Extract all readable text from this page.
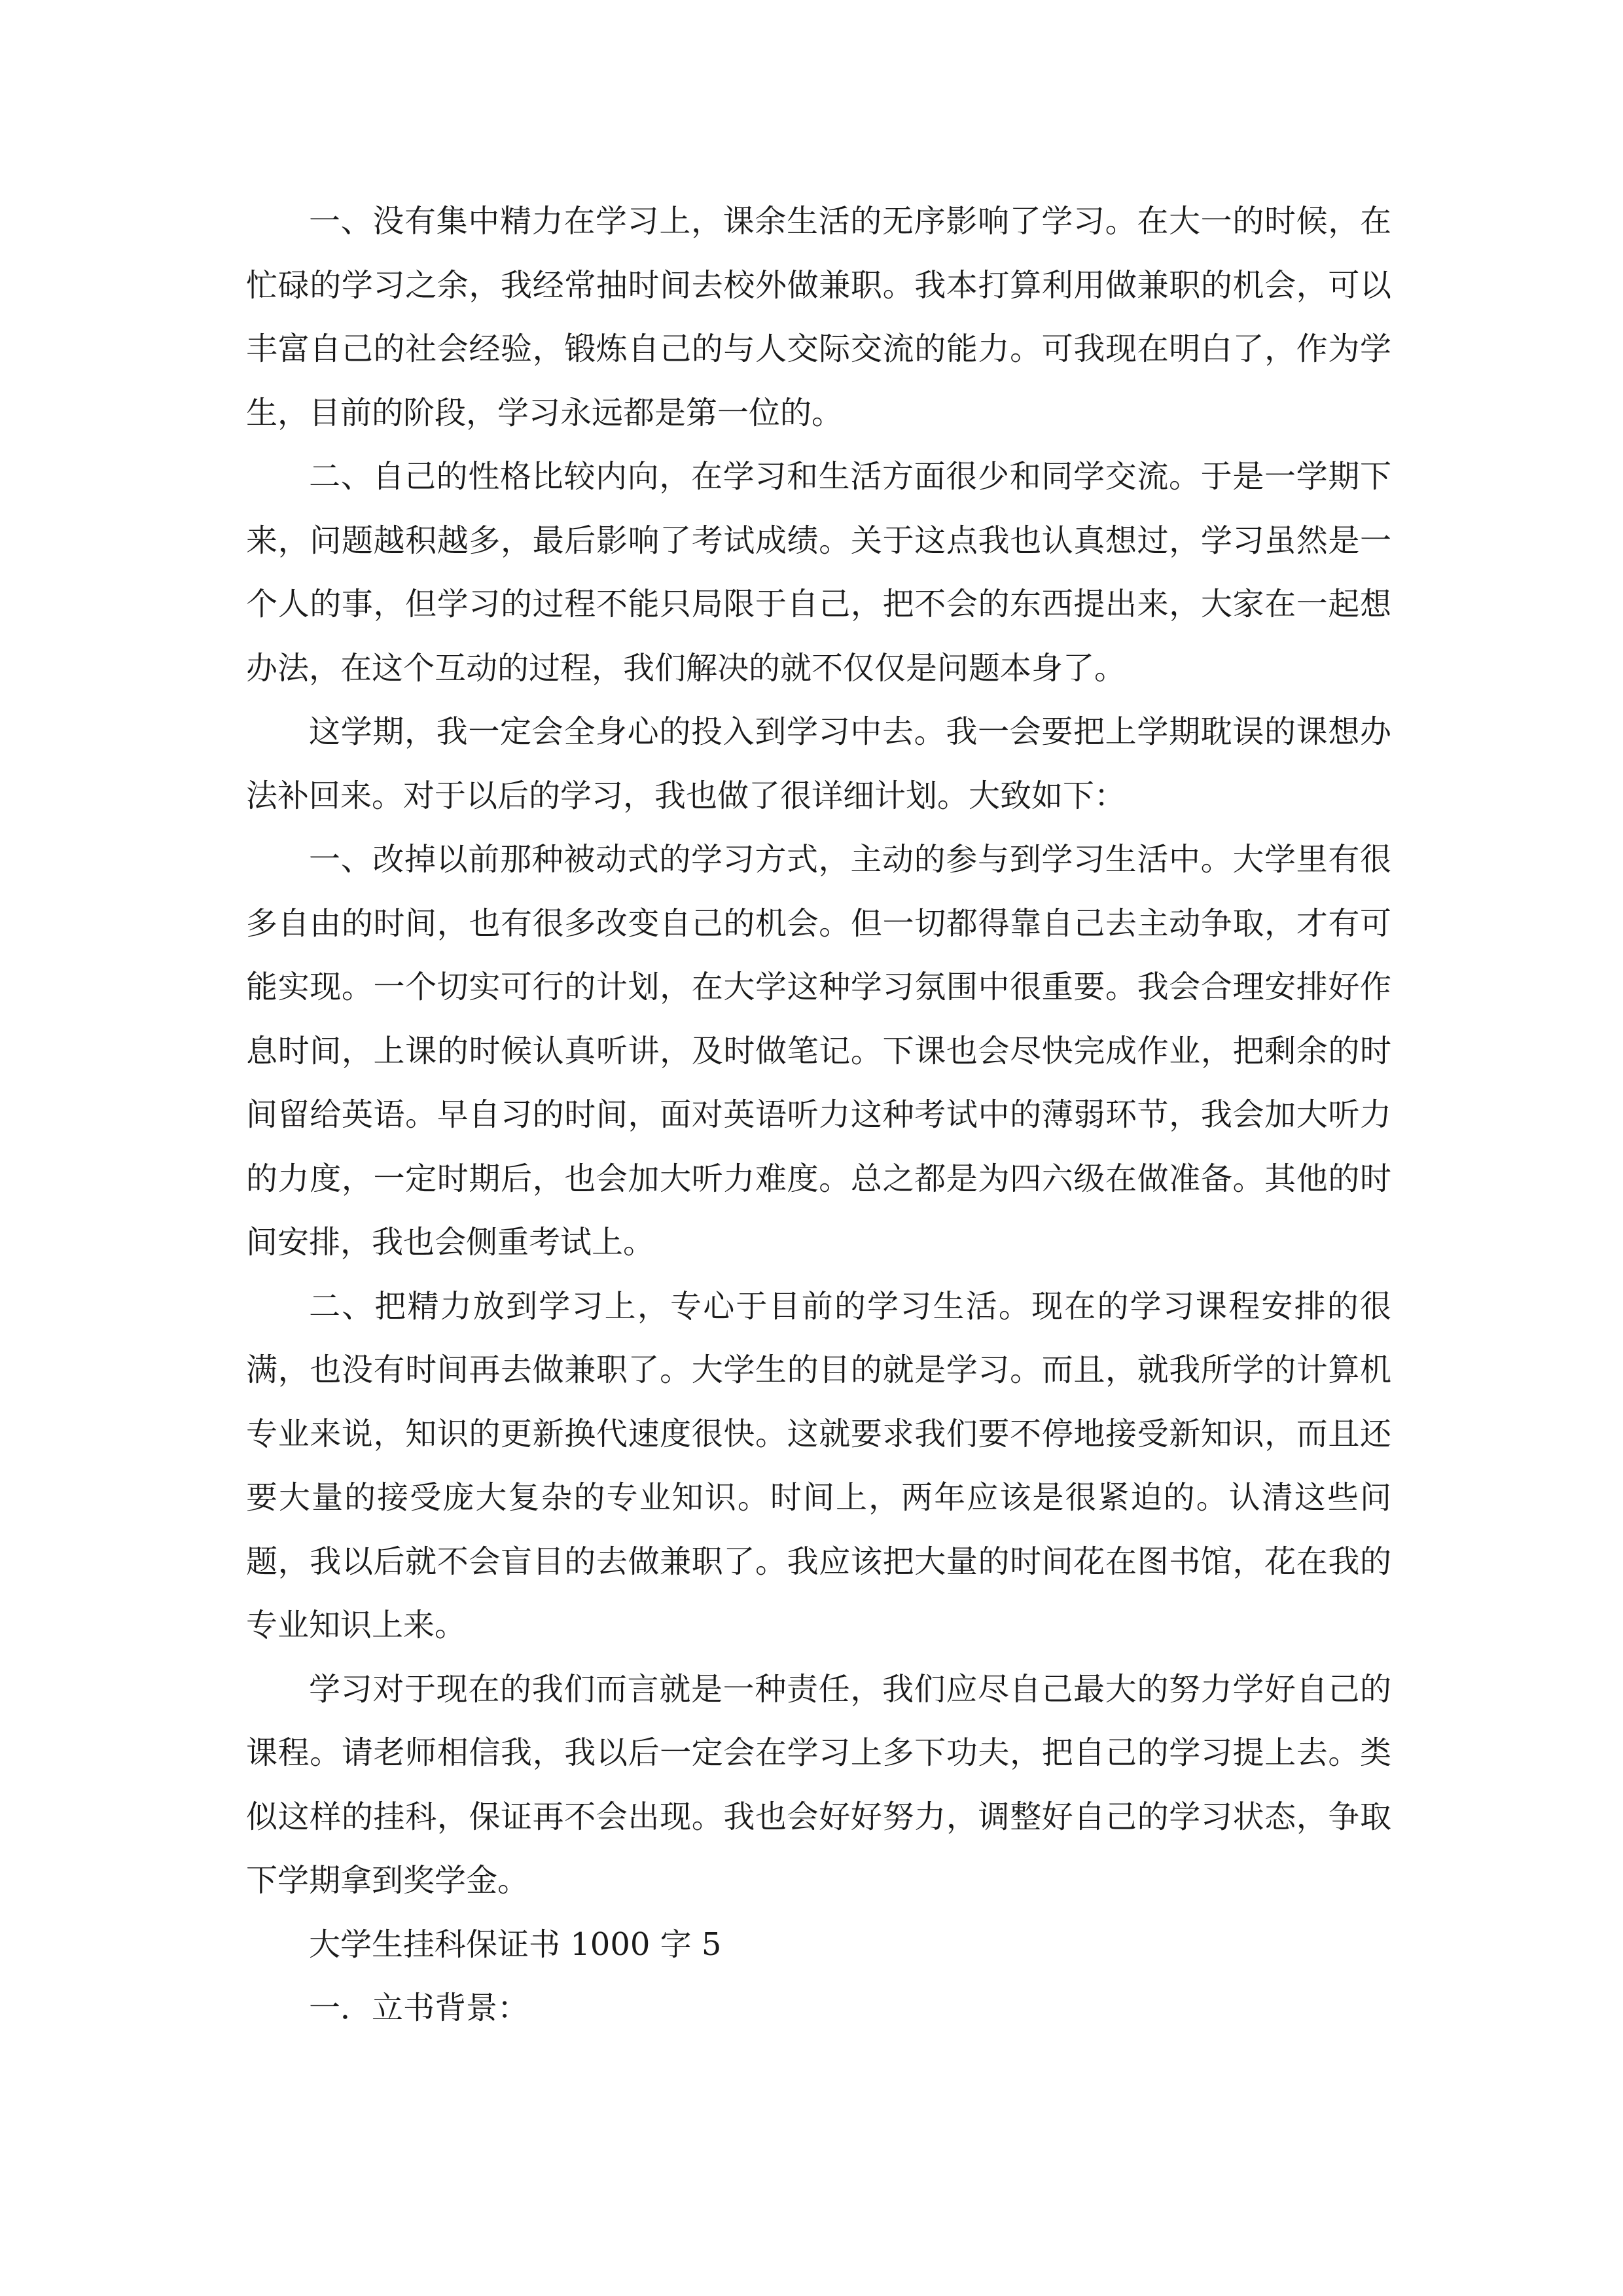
一、没有集中精力在学习上，课余生活的无序影响了学习。在大一的时候，在忙碌的学习之余，我经常抽时间去校外做兼职。我本打算利用做兼职的机会，可以丰富自己的社会经验，锻炼自己的与人交际交流的能力。可我现在明白了，作为学生，目前的阶段，学习永远都是第一位的。

二、自己的性格比较内向，在学习和生活方面很少和同学交流。于是一学期下来，问题越积越多，最后影响了考试成绩。关于这点我也认真想过，学习虽然是一个人的事，但学习的过程不能只局限于自己，把不会的东西提出来，大家在一起想办法，在这个互动的过程，我们解决的就不仅仅是问题本身了。

这学期，我一定会全身心的投入到学习中去。我一会要把上学期耽误的课想办法补回来。对于以后的学习，我也做了很详细计划。大致如下：

一、改掉以前那种被动式的学习方式，主动的参与到学习生活中。大学里有很多自由的时间，也有很多改变自己的机会。但一切都得靠自己去主动争取，才有可能实现。一个切实可行的计划，在大学这种学习氛围中很重要。我会合理安排好作息时间，上课的时候认真听讲，及时做笔记。下课也会尽快完成作业，把剩余的时间留给英语。早自习的时间，面对英语听力这种考试中的薄弱环节，我会加大听力的力度，一定时期后，也会加大听力难度。总之都是为四六级在做准备。其他的时间安排，我也会侧重考试上。

二、把精力放到学习上，专心于目前的学习生活。现在的学习课程安排的很满，也没有时间再去做兼职了。大学生的目的就是学习。而且，就我所学的计算机专业来说，知识的更新换代速度很快。这就要求我们要不停地接受新知识，而且还要大量的接受庞大复杂的专业知识。时间上，两年应该是很紧迫的。认清这些问题，我以后就不会盲目的去做兼职了。我应该把大量的时间花在图书馆，花在我的专业知识上来。

学习对于现在的我们而言就是一种责任，我们应尽自己最大的努力学好自己的课程。请老师相信我，我以后一定会在学习上多下功夫，把自己的学习提上去。类似这样的挂科，保证再不会出现。我也会好好努力，调整好自己的学习状态，争取下学期拿到奖学金。

大学生挂科保证书 1000 字 5

一．立书背景：
